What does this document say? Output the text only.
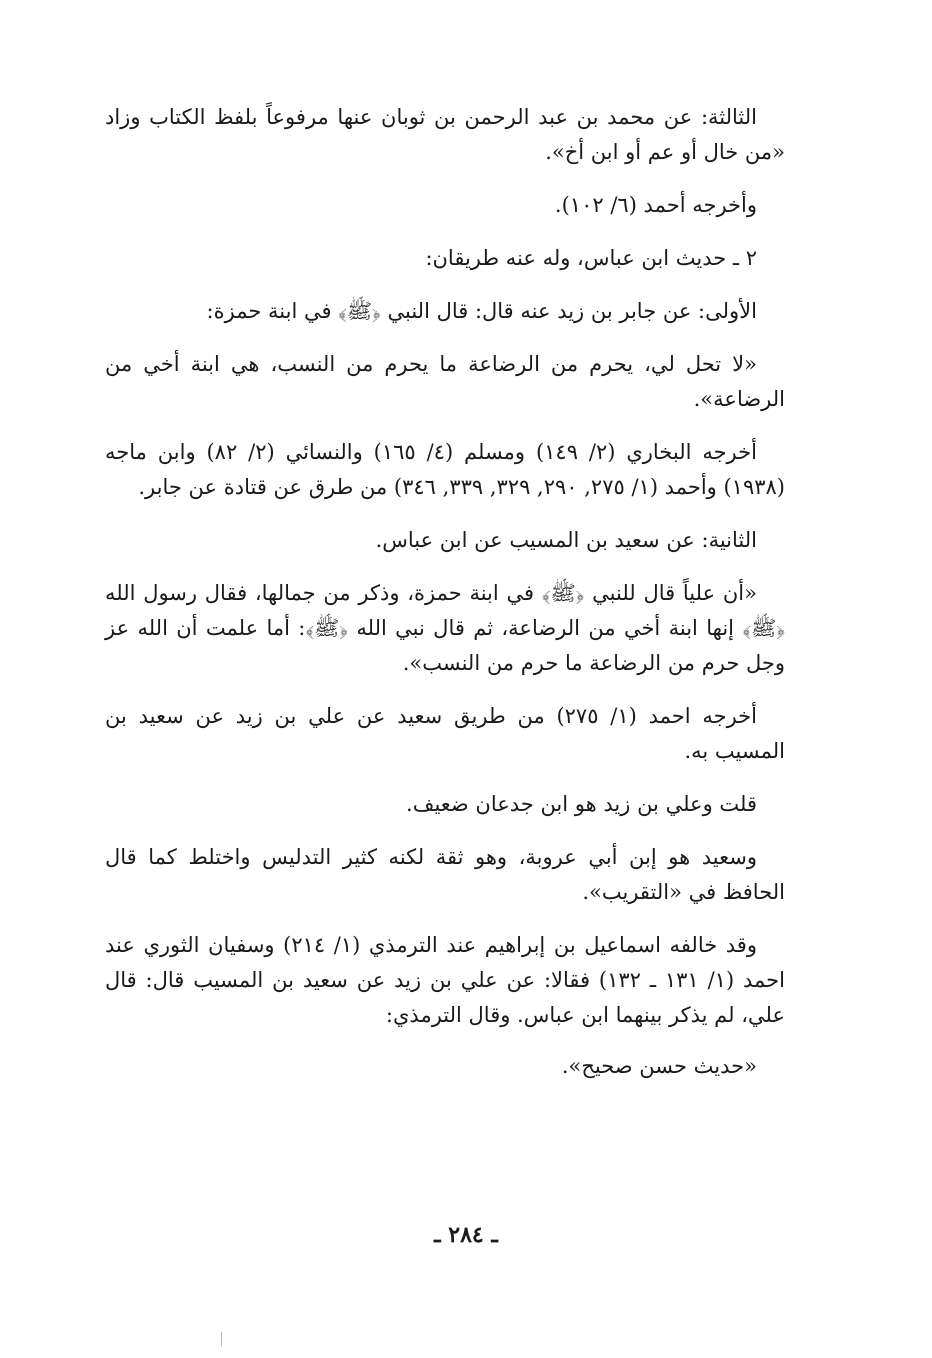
الثالثة: عن محمد بن عبد الرحمن بن ثوبان عنها مرفوعاً بلفظ الكتاب وزاد «من خال أو عم أو ابن أخ».

وأخرجه أحمد (٦/ ١٠٢).

٢ ـ حديث ابن عباس، وله عنه طريقان:

الأولى: عن جابر بن زيد عنه قال: قال النبي ﴿ﷺ﴾ في ابنة حمزة:

«لا تحل لي، يحرم من الرضاعة ما يحرم من النسب، هي ابنة أخي من الرضاعة».

أخرجه البخاري (٢/ ١٤٩) ومسلم (٤/ ١٦٥) والنسائي (٢/ ٨٢) وابن ماجه (١٩٣٨) وأحمد (١/ ٢٧٥, ٢٩٠, ٣٢٩, ٣٣٩, ٣٤٦) من طرق عن قتادة عن جابر.

الثانية: عن سعيد بن المسيب عن ابن عباس.

«أن علياً قال للنبي ﴿ﷺ﴾ في ابنة حمزة، وذكر من جمالها، فقال رسول الله ﴿ﷺ﴾ إنها ابنة أخي من الرضاعة، ثم قال نبي الله ﴿ﷺ﴾: أما علمت أن الله عز وجل حرم من الرضاعة ما حرم من النسب».

أخرجه احمد (١/ ٢٧٥) من طريق سعيد عن علي بن زيد عن سعيد بن المسيب به.

قلت وعلي بن زيد هو ابن جدعان ضعيف.

وسعيد هو إبن أبي عروبة، وهو ثقة لكنه كثير التدليس واختلط كما قال الحافظ في «التقريب».

وقد خالفه اسماعيل بن إبراهيم عند الترمذي (١/ ٢١٤) وسفيان الثوري عند احمد (١/ ١٣١ ـ ١٣٢) فقالا: عن علي بن زيد عن سعيد بن المسيب قال: قال علي، لم يذكر بينهما ابن عباس. وقال الترمذي:

«حديث حسن صحيح».

ـ ٢٨٤ ـ
